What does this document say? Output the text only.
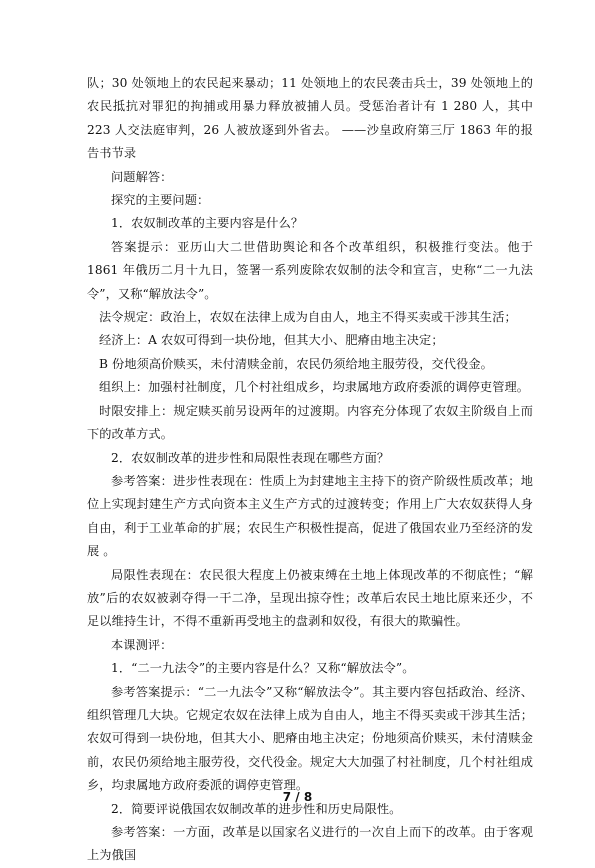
队；30 处领地上的农民起来暴动；11 处领地上的农民袭击兵士，39 处领地上的农民抵抗对罪犯的拘捕或用暴力释放被捕人员。受惩治者计有 1 280 人，其中 223 人交法庭审判，26 人被放逐到外省去。 ——沙皇政府第三厅 1863 年的报告书节录

问题解答：

探究的主要问题：

1．农奴制改革的主要内容是什么？

答案提示：亚历山大二世借助舆论和各个改革组织，积极推行变法。他于 1861 年俄历二月十九日，签署一系列废除农奴制的法令和宣言，史称“二一九法令”，又称“解放法令”。

法令规定：政治上，农奴在法律上成为自由人，地主不得买卖或干涉其生活；

经济上：A 农奴可得到一块份地，但其大小、肥瘠由地主决定；

B 份地须高价赎买，未付清赎金前，农民仍须给地主服劳役，交代役金。

组织上：加强村社制度，几个村社组成乡，均隶属地方政府委派的调停吏管理。

时限安排上：规定赎买前另设两年的过渡期。内容充分体现了农奴主阶级自上而下的改革方式。

2．农奴制改革的进步性和局限性表现在哪些方面？

参考答案：进步性表现在：性质上为封建地主主持下的资产阶级性质改革；地位上实现封建生产方式向资本主义生产方式的过渡转变；作用上广大农奴获得人身自由，利于工业革命的扩展；农民生产积极性提高，促进了俄国农业乃至经济的发展 。

局限性表现在：农民很大程度上仍被束缚在土地上体现改革的不彻底性；“解放”后的农奴被剥夺得一干二净，呈现出掠夺性；改革后农民土地比原来还少，不足以维持生计，不得不重新再受地主的盘剥和奴役，有很大的欺骗性。

本课测评：

1．“二一九法令”的主要内容是什么？又称“解放法令”。

参考答案提示：“二一九法令”又称“解放法令”。其主要内容包括政治、经济、组织管理几大块。它规定农奴在法律上成为自由人，地主不得买卖或干涉其生活；农奴可得到一块份地，但其大小、肥瘠由地主决定；份地须高价赎买，未付清赎金前，农民仍须给地主服劳役，交代役金。规定大大加强了村社制度，几个村社组成乡，均隶属地方政府委派的调停吏管理。

2．简要评说俄国农奴制改革的进步性和历史局限性。

参考答案：一方面，改革是以国家名义进行的一次自上而下的改革。由于客观上为俄国

7 / 8
